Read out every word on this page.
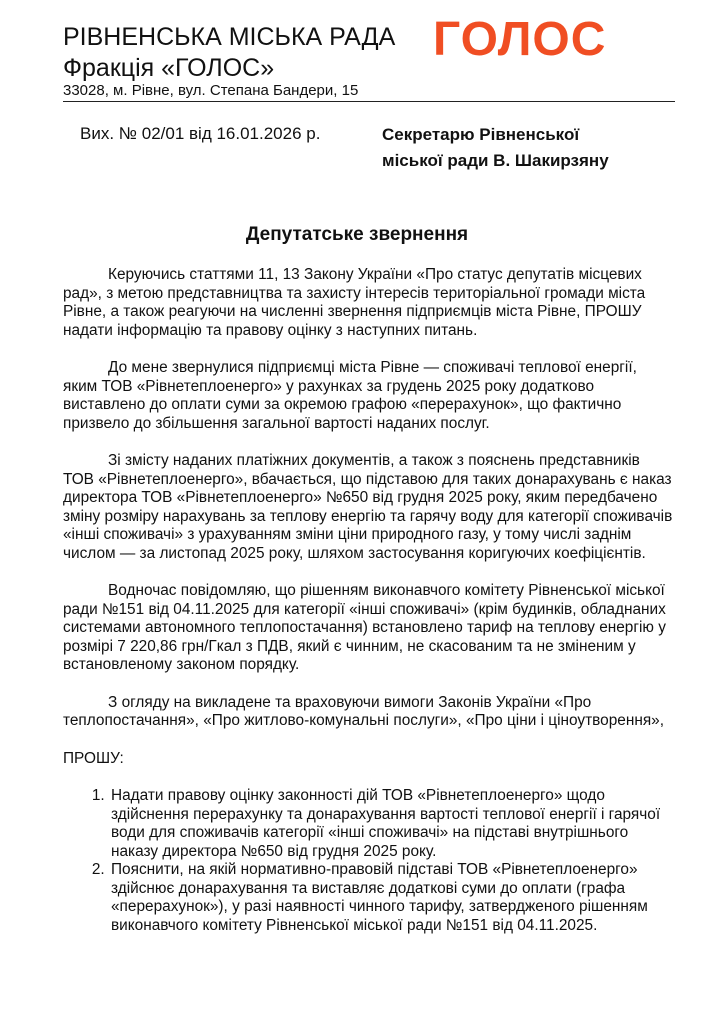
РІВНЕНСЬКА МІСЬКА РАДА
Фракція «ГОЛОС»
ГОЛОС
33028, м. Рівне, вул. Степана Бандери, 15
Вих. № 02/01 від 16.01.2026 р.	Секретарю Рівненської
міської ради В. Шакирзяну
Депутатське звернення

Керуючись статтями 11, 13 Закону України «Про статус депутатів місцевих рад», з метою представництва та захисту інтересів територіальної громади міста Рівне, а також реагуючи на численні звернення підприємців міста Рівне, ПРОШУ надати інформацію та правову оцінку з наступних питань.

До мене звернулися підприємці міста Рівне — споживачі теплової енергії, яким ТОВ «Рівнетеплоенерго» у рахунках за грудень 2025 року додатково виставлено до оплати суми за окремою графою «перерахунок», що фактично призвело до збільшення загальної вартості наданих послуг.

Зі змісту наданих платіжних документів, а також з пояснень представників ТОВ «Рівнетеплоенерго», вбачається, що підставою для таких донарахувань є наказ директора ТОВ «Рівнетеплоенерго» №650 від грудня 2025 року, яким передбачено зміну розміру нарахувань за теплову енергію та гарячу воду для категорії споживачів «інші споживачі» з урахуванням зміни ціни природного газу, у тому числі заднім числом — за листопад 2025 року, шляхом застосування коригуючих коефіцієнтів.

Водночас повідомляю, що рішенням виконавчого комітету Рівненської міської ради №151 від 04.11.2025 для категорії «інші споживачі» (крім будинків, обладнаних системами автономного теплопостачання) встановлено тариф на теплову енергію у розмірі 7 220,86 грн/Гкал з ПДВ, який є чинним, не скасованим та не зміненим у встановленому законом порядку.

З огляду на викладене та враховуючи вимоги Законів України «Про теплопостачання», «Про житлово-комунальні послуги», «Про ціни і ціноутворення»,

ПРОШУ:

1. Надати правову оцінку законності дій ТОВ «Рівнетеплоенерго» щодо здійснення перерахунку та донарахування вартості теплової енергії і гарячої води для споживачів категорії «інші споживачі» на підставі внутрішнього наказу директора №650 від грудня 2025 року.
2. Пояснити, на якій нормативно-правовій підставі ТОВ «Рівнетеплоенерго» здійснює донарахування та виставляє додаткові суми до оплати (графа «перерахунок»), у разі наявності чинного тарифу, затвердженого рішенням виконавчого комітету Рівненської міської ради №151 від 04.11.2025.
